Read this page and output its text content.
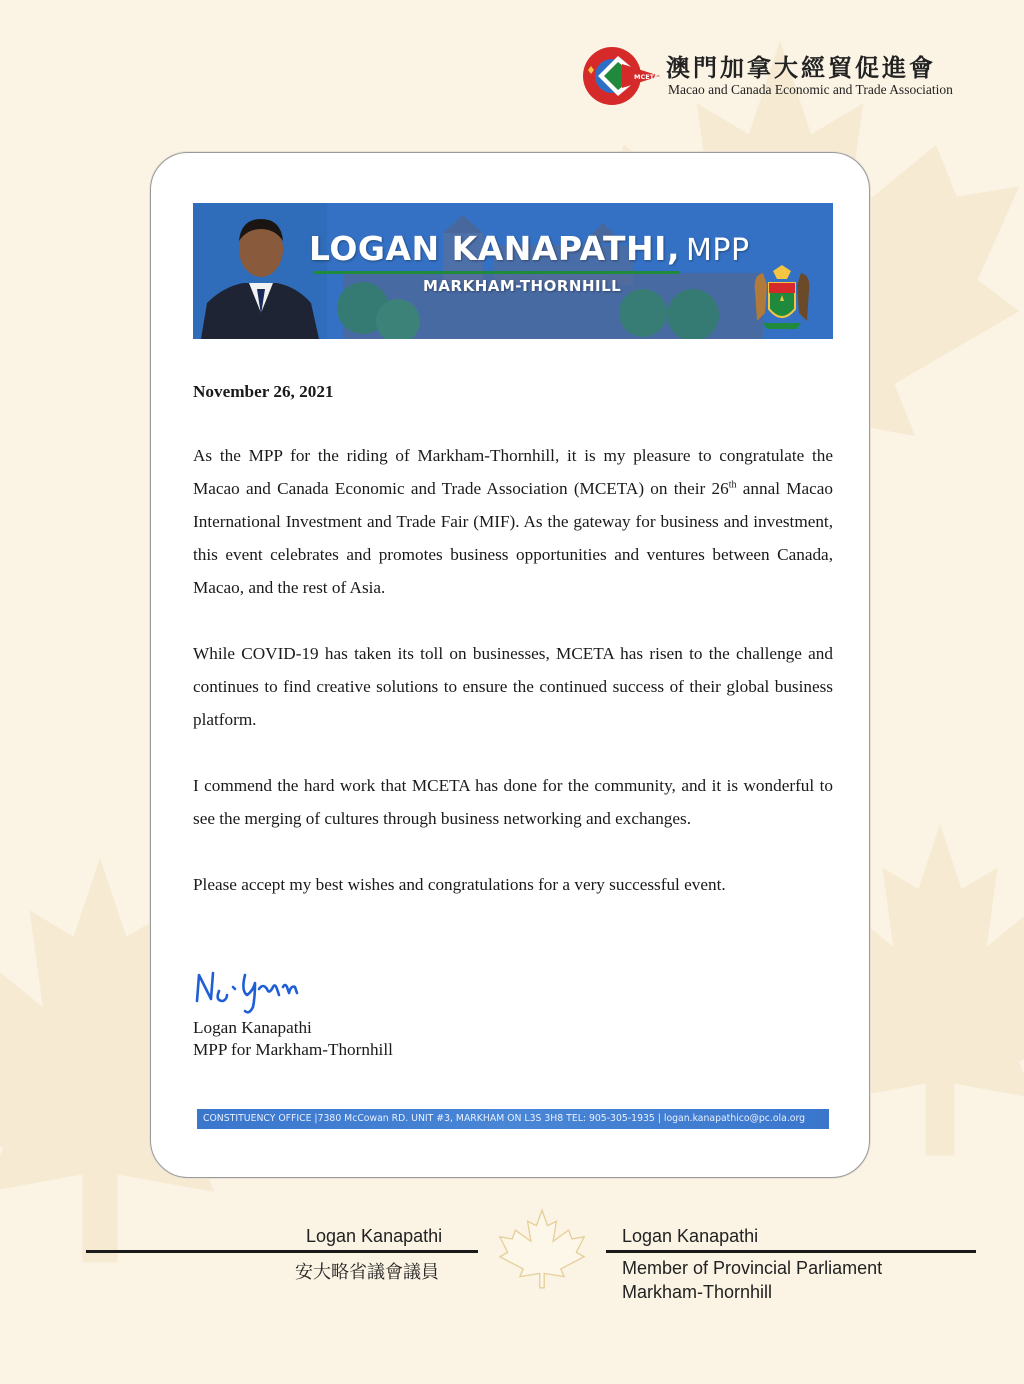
MCETA 澳門加拿大經貿促進會
Macao and Canada Economic and Trade Association
LOGAN KANAPATHI, MPP
MARKHAM-THORNHILL
November 26, 2021

As the MPP for the riding of Markham-Thornhill, it is my pleasure to congratulate the Macao and Canada Economic and Trade Association (MCETA) on their 26th annal Macao International Investment and Trade Fair (MIF). As the gateway for business and investment, this event celebrates and promotes business opportunities and ventures between Canada, Macao, and the rest of Asia.

While COVID-19 has taken its toll on businesses, MCETA has risen to the challenge and continues to find creative solutions to ensure the continued success of their global business platform.

I commend the hard work that MCETA has done for the community, and it is wonderful to see the merging of cultures through business networking and exchanges.

Please accept my best wishes and congratulations for a very successful event.

Logan Kanapathi
MPP for Markham-Thornhill
CONSTITUENCY OFFICE |7380 McCowan RD. UNIT #3, MARKHAM ON L3S 3H8 TEL: 905-305-1935 | logan.kanapathico@pc.ola.org
Logan Kanapathi
安大略省議會議員
Logan Kanapathi
Member of Provincial Parliament
Markham-Thornhill
